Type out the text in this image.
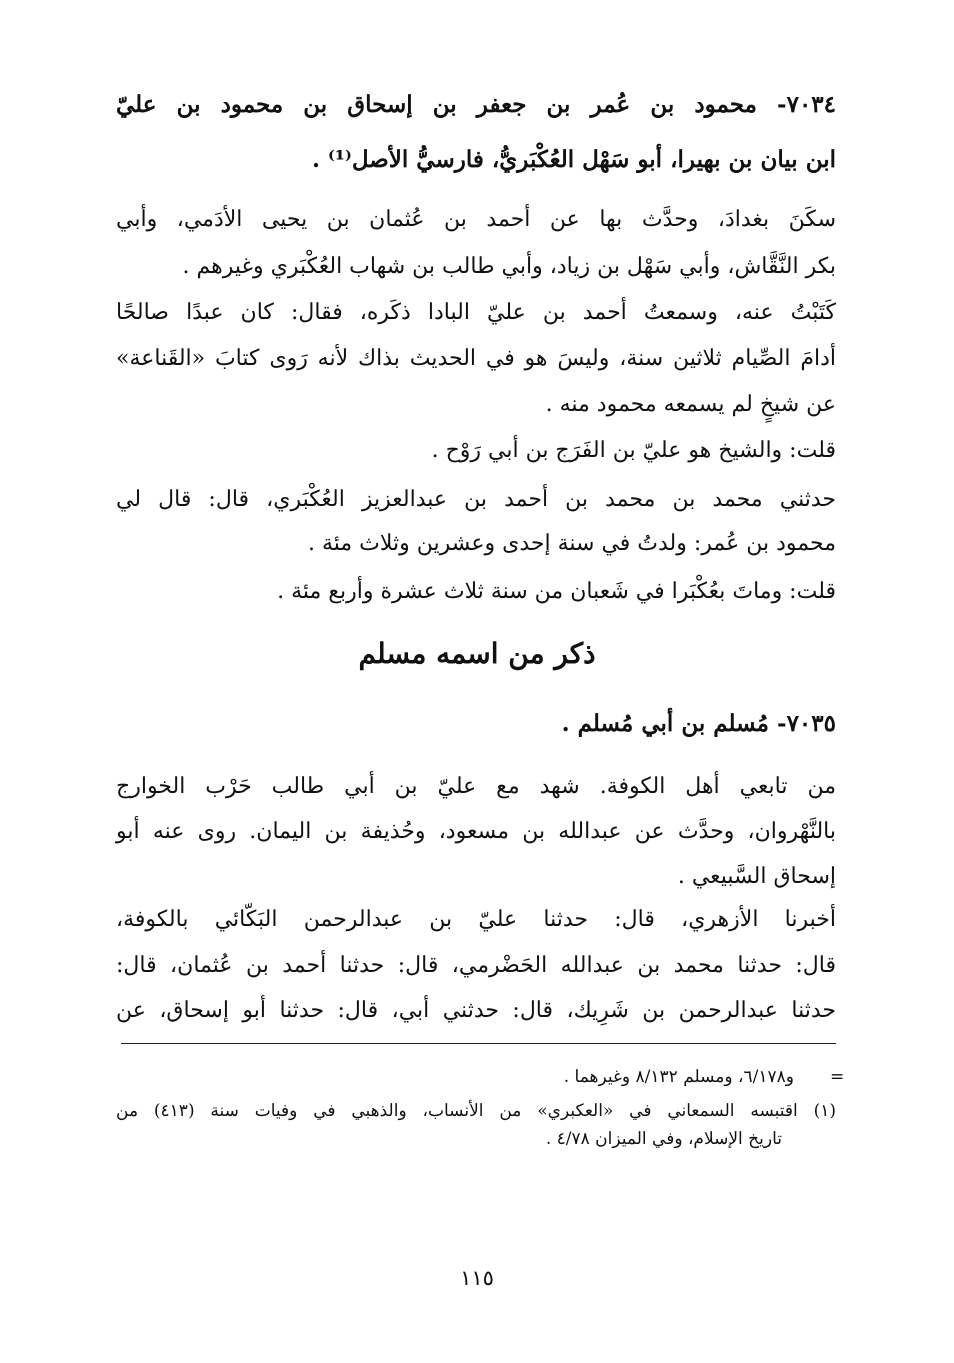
٧٠٣٤- محمود بن عُمر بن جعفر بن إسحاق بن محمود بن عليّ
ابن بيان بن بهيرا، أبو سَهْل العُكْبَريُّ، فارسيُّ الأصل⁽¹⁾ .
سكَنَ بغدادَ، وحدَّث بها عن أحمد بن عُثمان بن يحيى الأدَمي، وأبي
بكر النَّقَّاش، وأبي سَهْل بن زياد، وأبي طالب بن شهاب العُكْبَري وغيرهم .
كَتَبْتُ عنه، وسمعتُ أحمد بن عليّ البادا ذكَره، فقال: كان عبدًا صالحًا
أدامَ الصِّيام ثلاثين سنة، وليسَ هو في الحديث بذاك لأنه رَوى كتابَ «القَناعة»
عن شيخٍ لم يسمعه محمود منه .
قلت: والشيخ هو عليّ بن الفَرَج بن أبي رَوْح .
حدثني محمد بن محمد بن أحمد بن عبدالعزيز العُكْبَري، قال: قال لي
محمود بن عُمر: ولدتُ في سنة إحدى وعشرين وثلاث مئة .
قلت: وماتَ بعُكْبَرا في شَعبان من سنة ثلاث عشرة وأربع مئة .
ذكر من اسمه مسلم
٧٠٣٥- مُسلم بن أبي مُسلم .
من تابعي أهل الكوفة. شهد مع عليّ بن أبي طالب حَرْب الخوارج
بالنَّهْروان، وحدَّث عن عبدالله بن مسعود، وحُذيفة بن اليمان. روى عنه أبو
إسحاق السَّبيعي .
أخبرنا الأزهري، قال: حدثنا عليّ بن عبدالرحمن البَكّائي بالكوفة،
قال: حدثنا محمد بن عبدالله الحَضْرمي، قال: حدثنا أحمد بن عُثمان، قال:
حدثنا عبدالرحمن بن شَرِيك، قال: حدثني أبي، قال: حدثنا أبو إسحاق، عن
=
و٦/١٧٨، ومسلم ٨/١٣٢ وغيرهما .
(١) اقتبسه السمعاني في «العكبري» من الأنساب، والذهبي في وفيات سنة (٤١٣) من
تاريخ الإسلام، وفي الميزان ٤/٧٨ .
١١٥
